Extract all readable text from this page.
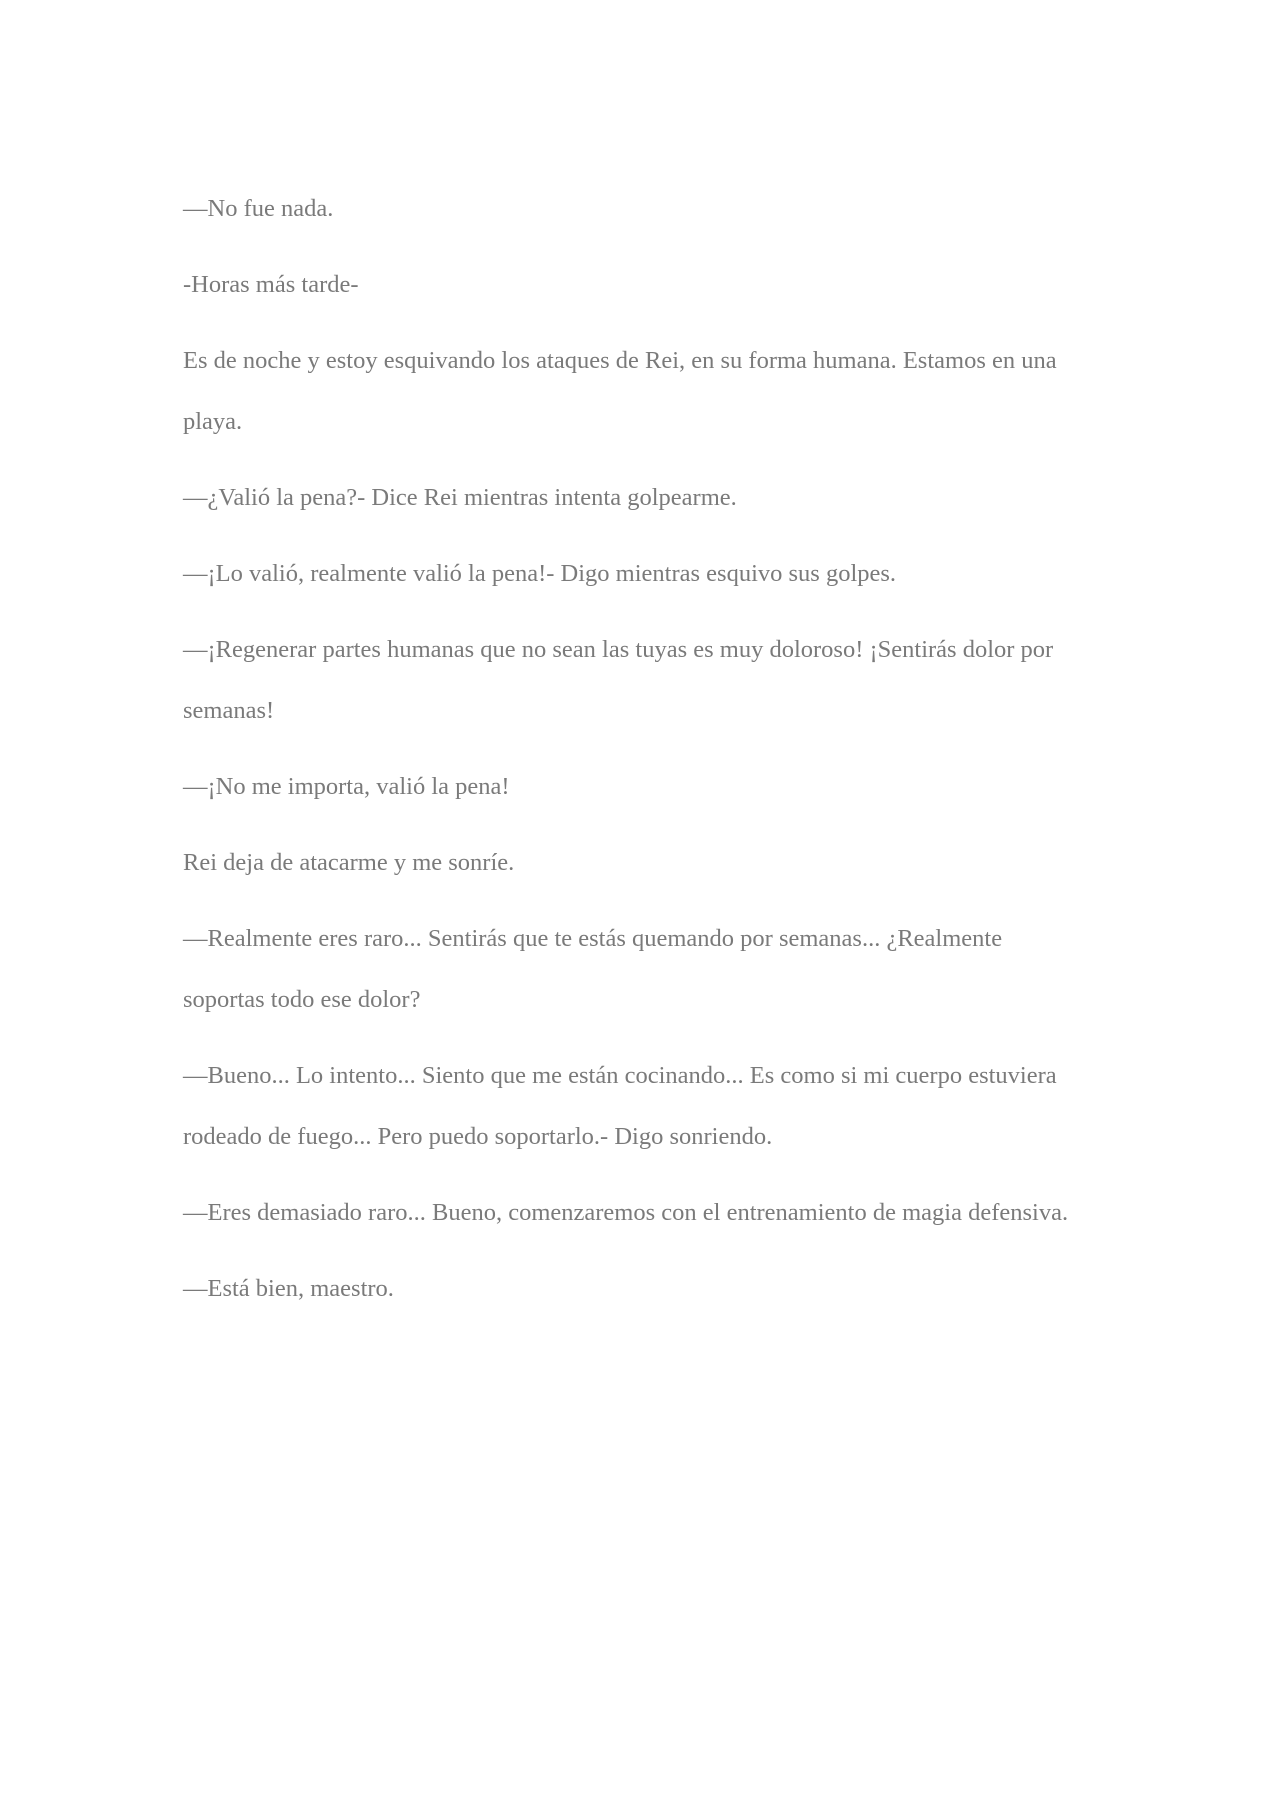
—No fue nada.

-Horas más tarde-

Es de noche y estoy esquivando los ataques de Rei, en su forma humana. Estamos en una playa.

—¿Valió la pena?- Dice Rei mientras intenta golpearme.

—¡Lo valió, realmente valió la pena!- Digo mientras esquivo sus golpes.

—¡Regenerar partes humanas que no sean las tuyas es muy doloroso! ¡Sentirás dolor por semanas!

—¡No me importa, valió la pena!

Rei deja de atacarme y me sonríe.

—Realmente eres raro... Sentirás que te estás quemando por semanas... ¿Realmente soportas todo ese dolor?

—Bueno... Lo intento... Siento que me están cocinando... Es como si mi cuerpo estuviera rodeado de fuego... Pero puedo soportarlo.- Digo sonriendo.

—Eres demasiado raro... Bueno, comenzaremos con el entrenamiento de magia defensiva.

—Está bien, maestro.
